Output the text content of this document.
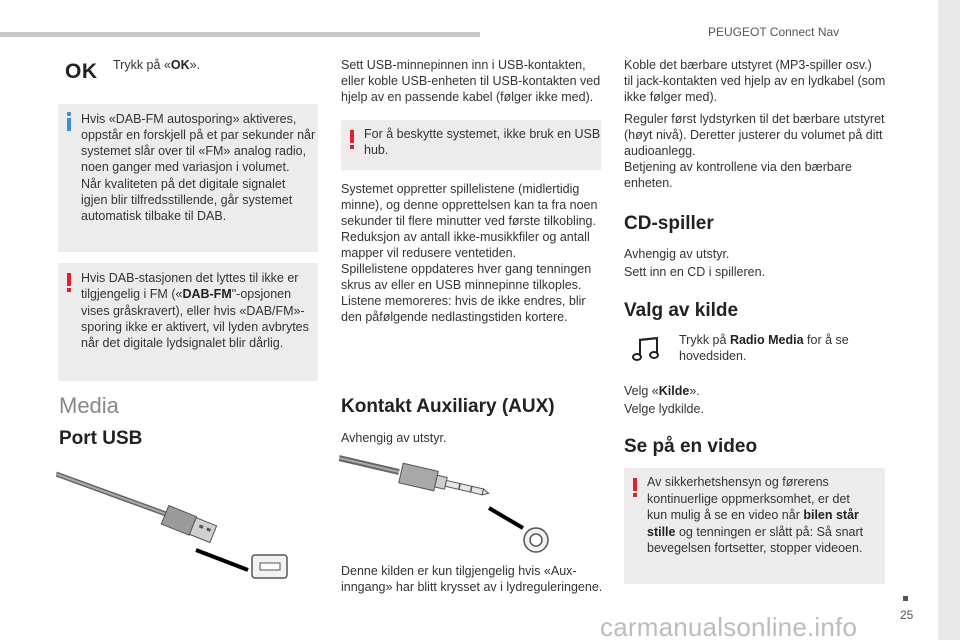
PEUGEOT Connect Nav
25
OK Trykk på «OK».

Hvis «DAB-FM autosporing» aktiveres,

oppstår en forskjell på et par sekunder når

systemet slår over til «FM» analog radio,

noen ganger med variasjon i volumet.

Når kvaliteten på det digitale signalet

igjen blir tilfredsstillende, går systemet

automatisk tilbake til DAB.

Hvis DAB-stasjonen det lyttes til ikke er

tilgjengelig i FM («DAB-FM"-opsjonen

vises gråskravert), eller hvis «DAB/FM»-

sporing ikke er aktivert, vil lyden avbrytes

når det digitale lydsignalet blir dårlig.

Media
Port USB

Sett USB-minnepinnen inn i USB-kontakten,

eller koble USB-enheten til USB-kontakten ved

hjelp av en passende kabel (følger ikke med).

For å beskytte systemet, ikke bruk en USB

hub.

Systemet oppretter spillelistene (midlertidig

minne), og denne opprettelsen kan ta fra noen

sekunder til flere minutter ved første tilkobling.

Reduksjon av antall ikke-musikkfiler og antall

mapper vil redusere ventetiden.

Spillelistene oppdateres hver gang tenningen

skrus av eller en USB minnepinne tilkoples.

Listene memoreres: hvis de ikke endres, blir

den påfølgende nedlastingstiden kortere.

Kontakt Auxiliary (AUX)

Avhengig av utstyr.

Denne kilden er kun tilgjengelig hvis «Aux-

inngang» har blitt krysset av i lydreguleringene.

Koble det bærbare utstyret (MP3-spiller osv.)

til jack-kontakten ved hjelp av en lydkabel (som

ikke følger med).

Reguler først lydstyrken til det bærbare utstyret

(høyt nivå). Deretter justerer du volumet på ditt

audioanlegg.

Betjening av kontrollene via den bærbare

enheten.

CD-spiller

Avhengig av utstyr.

Sett inn en CD i spilleren.

Valg av kilde

Trykk på Radio Media for å se

hovedsiden.

Velg «Kilde».

Velge lydkilde.

Se på en video

Av sikkerhetshensyn og førerens

kontinuerlige oppmerksomhet, er det

kun mulig å se en video når bilen står

stille og tenningen er slått på: Så snart

bevegelsen fortsetter, stopper videoen.

carmanualsonline.info
